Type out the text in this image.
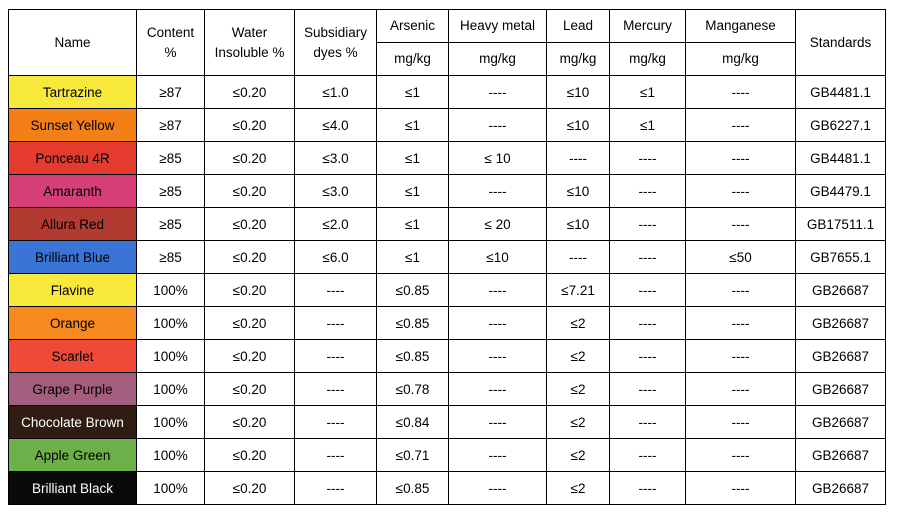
Name	Content %	Water Insoluble %	Subsidiary dyes %	Arsenic	Heavy metal	Lead	Mercury	Manganese	Standards
				mg/kg	mg/kg	mg/kg	mg/kg	mg/kg	
Tartrazine	≥87	≤0.20	≤1.0	≤1	----	≤10	≤1	----	GB4481.1
Sunset Yellow	≥87	≤0.20	≤4.0	≤1	----	≤10	≤1	----	GB6227.1
Ponceau 4R	≥85	≤0.20	≤3.0	≤1	≤ 10	----	----	----	GB4481.1
Amaranth	≥85	≤0.20	≤3.0	≤1	----	≤10	----	----	GB4479.1
Allura Red	≥85	≤0.20	≤2.0	≤1	≤ 20	≤10	----	----	GB17511.1
Brilliant Blue	≥85	≤0.20	≤6.0	≤1	≤10	----	----	≤50	GB7655.1
Flavine	100%	≤0.20	----	≤0.85	----	≤7.21	----	----	GB26687
Orange	100%	≤0.20	----	≤0.85	----	≤2	----	----	GB26687
Scarlet	100%	≤0.20	----	≤0.85	----	≤2	----	----	GB26687
Grape Purple	100%	≤0.20	----	≤0.78	----	≤2	----	----	GB26687
Chocolate Brown	100%	≤0.20	----	≤0.84	----	≤2	----	----	GB26687
Apple Green	100%	≤0.20	----	≤0.71	----	≤2	----	----	GB26687
Brilliant Black	100%	≤0.20	----	≤0.85	----	≤2	----	----	GB26687
